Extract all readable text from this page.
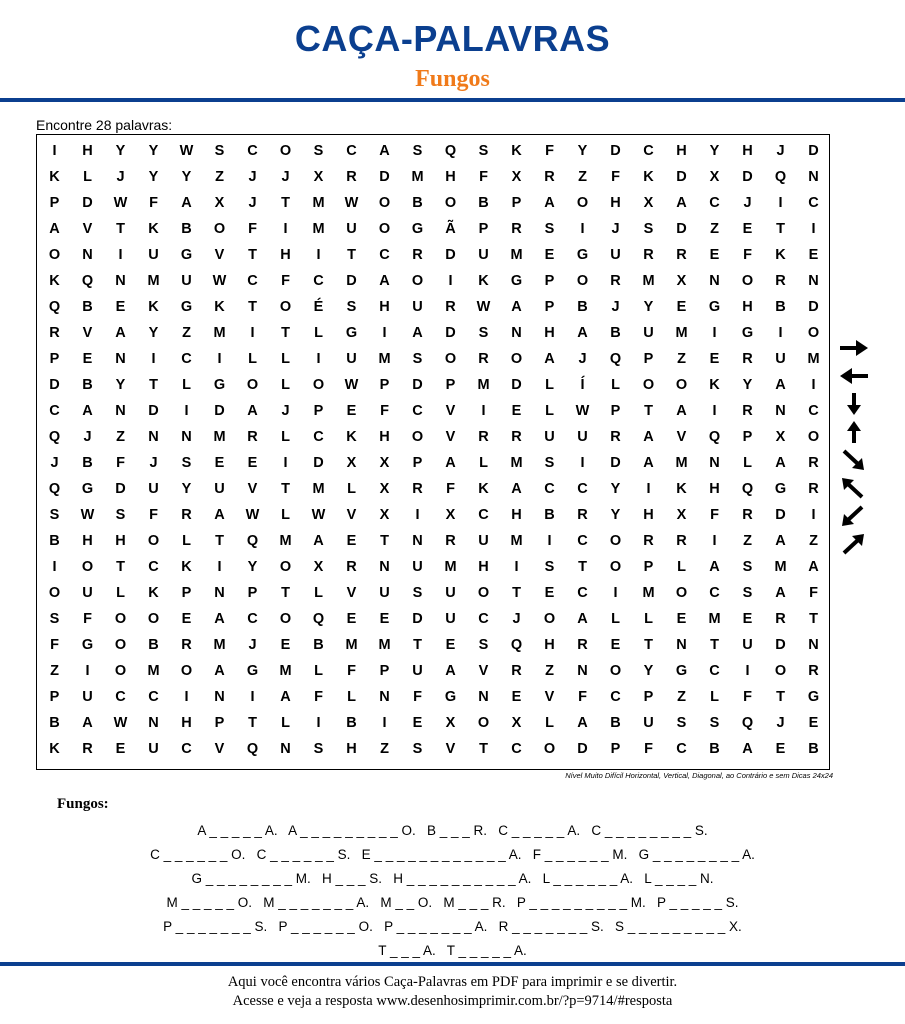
CAÇA-PALAVRAS
Fungos
Encontre 28 palavras:
I	H	Y	Y	W	S	C	O	S	C	A	S	Q	S	K	F	Y	D	C	H	Y	H	J	D
K	L	J	Y	Y	Z	J	J	X	R	D	M	H	F	X	R	Z	F	K	D	X	D	Q	N
P	D	W	F	A	X	J	T	M	W	O	B	O	B	P	A	O	H	X	A	C	J	I	C
A	V	T	K	B	O	F	I	M	U	O	G	Ã	P	R	S	I	J	S	D	Z	E	T	I
O	N	I	U	G	V	T	H	I	T	C	R	D	U	M	E	G	U	R	R	E	F	K	E
K	Q	N	M	U	W	C	F	C	D	A	O	I	K	G	P	O	R	M	X	N	O	R	N
Q	B	E	K	G	K	T	O	É	S	H	U	R	W	A	P	B	J	Y	E	G	H	B	D
R	V	A	Y	Z	M	I	T	L	G	I	A	D	S	N	H	A	B	U	M	I	G	I	O
P	E	N	I	C	I	L	L	I	U	M	S	O	R	O	A	J	Q	P	Z	E	R	U	M
D	B	Y	T	L	G	O	L	O	W	P	D	P	M	D	L	Í	L	O	O	K	Y	A	I
C	A	N	D	I	D	A	J	P	E	F	C	V	I	E	L	W	P	T	A	I	R	N	C
Q	J	Z	N	N	M	R	L	C	K	H	O	V	R	R	U	U	R	A	V	Q	P	X	O
J	B	F	J	S	E	E	I	D	X	X	P	A	L	M	S	I	D	A	M	N	L	A	R
Q	G	D	U	Y	U	V	T	M	L	X	R	F	K	A	C	C	Y	I	K	H	Q	G	R
S	W	S	F	R	A	W	L	W	V	X	I	X	C	H	B	R	Y	H	X	F	R	D	I
B	H	H	O	L	T	Q	M	A	E	T	N	R	U	M	I	C	O	R	R	I	Z	A	Z
I	O	T	C	K	I	Y	O	X	R	N	U	M	H	I	S	T	O	P	L	A	S	M	A
O	U	L	K	P	N	P	T	L	V	U	S	U	O	T	E	C	I	M	O	C	S	A	F
S	F	O	O	E	A	C	O	Q	E	E	D	U	C	J	O	A	L	L	E	M	E	R	T
F	G	O	B	R	M	J	E	B	M	M	T	E	S	Q	H	R	E	T	N	T	U	D	N
Z	I	O	M	O	A	G	M	L	F	P	U	A	V	R	Z	N	O	Y	G	C	I	O	R
P	U	C	C	I	N	I	A	F	L	N	F	G	N	E	V	F	C	P	Z	L	F	T	G
B	A	W	N	H	P	T	L	I	B	I	E	X	O	X	L	A	B	U	S	S	Q	J	E
K	R	E	U	C	V	Q	N	S	H	Z	S	V	T	C	O	D	P	F	C	B	A	E	B
Nível Muito Difícil Horizontal, Vertical, Diagonal, ao Contrário e sem Dicas 24x24
Fungos:
A _ _ _ _ _ A.   A _ _ _ _ _ _ _ _ _ O.   B _ _ _ R.   C _ _ _ _ _ A.   C _ _ _ _ _ _ _ _ S.
C _ _ _ _ _ _ O.   C _ _ _ _ _ _ S.   E _ _ _ _ _ _ _ _ _ _ _ _ A.   F _ _ _ _ _ _ M.   G _ _ _ _ _ _ _ _ A.
G _ _ _ _ _ _ _ _ M.   H _ _ _ S.   H _ _ _ _ _ _ _ _ _ _ A.   L _ _ _ _ _ _ A.   L _ _ _ _ N.
M _ _ _ _ _ O.   M _ _ _ _ _ _ _ A.   M _ _ O.   M _ _ _ R.   P _ _ _ _ _ _ _ _ _ M.   P _ _ _ _ _ S.
P _ _ _ _ _ _ _ S.   P _ _ _ _ _ _ O.   P _ _ _ _ _ _ _ A.   R _ _ _ _ _ _ _ S.   S _ _ _ _ _ _ _ _ _ X.
T _ _ _ A.   T _ _ _ _ _ A.
Aqui você encontra vários Caça-Palavras em PDF para imprimir e se divertir.
Acesse e veja a resposta www.desenhosimprimir.com.br/?p=9714/#resposta
